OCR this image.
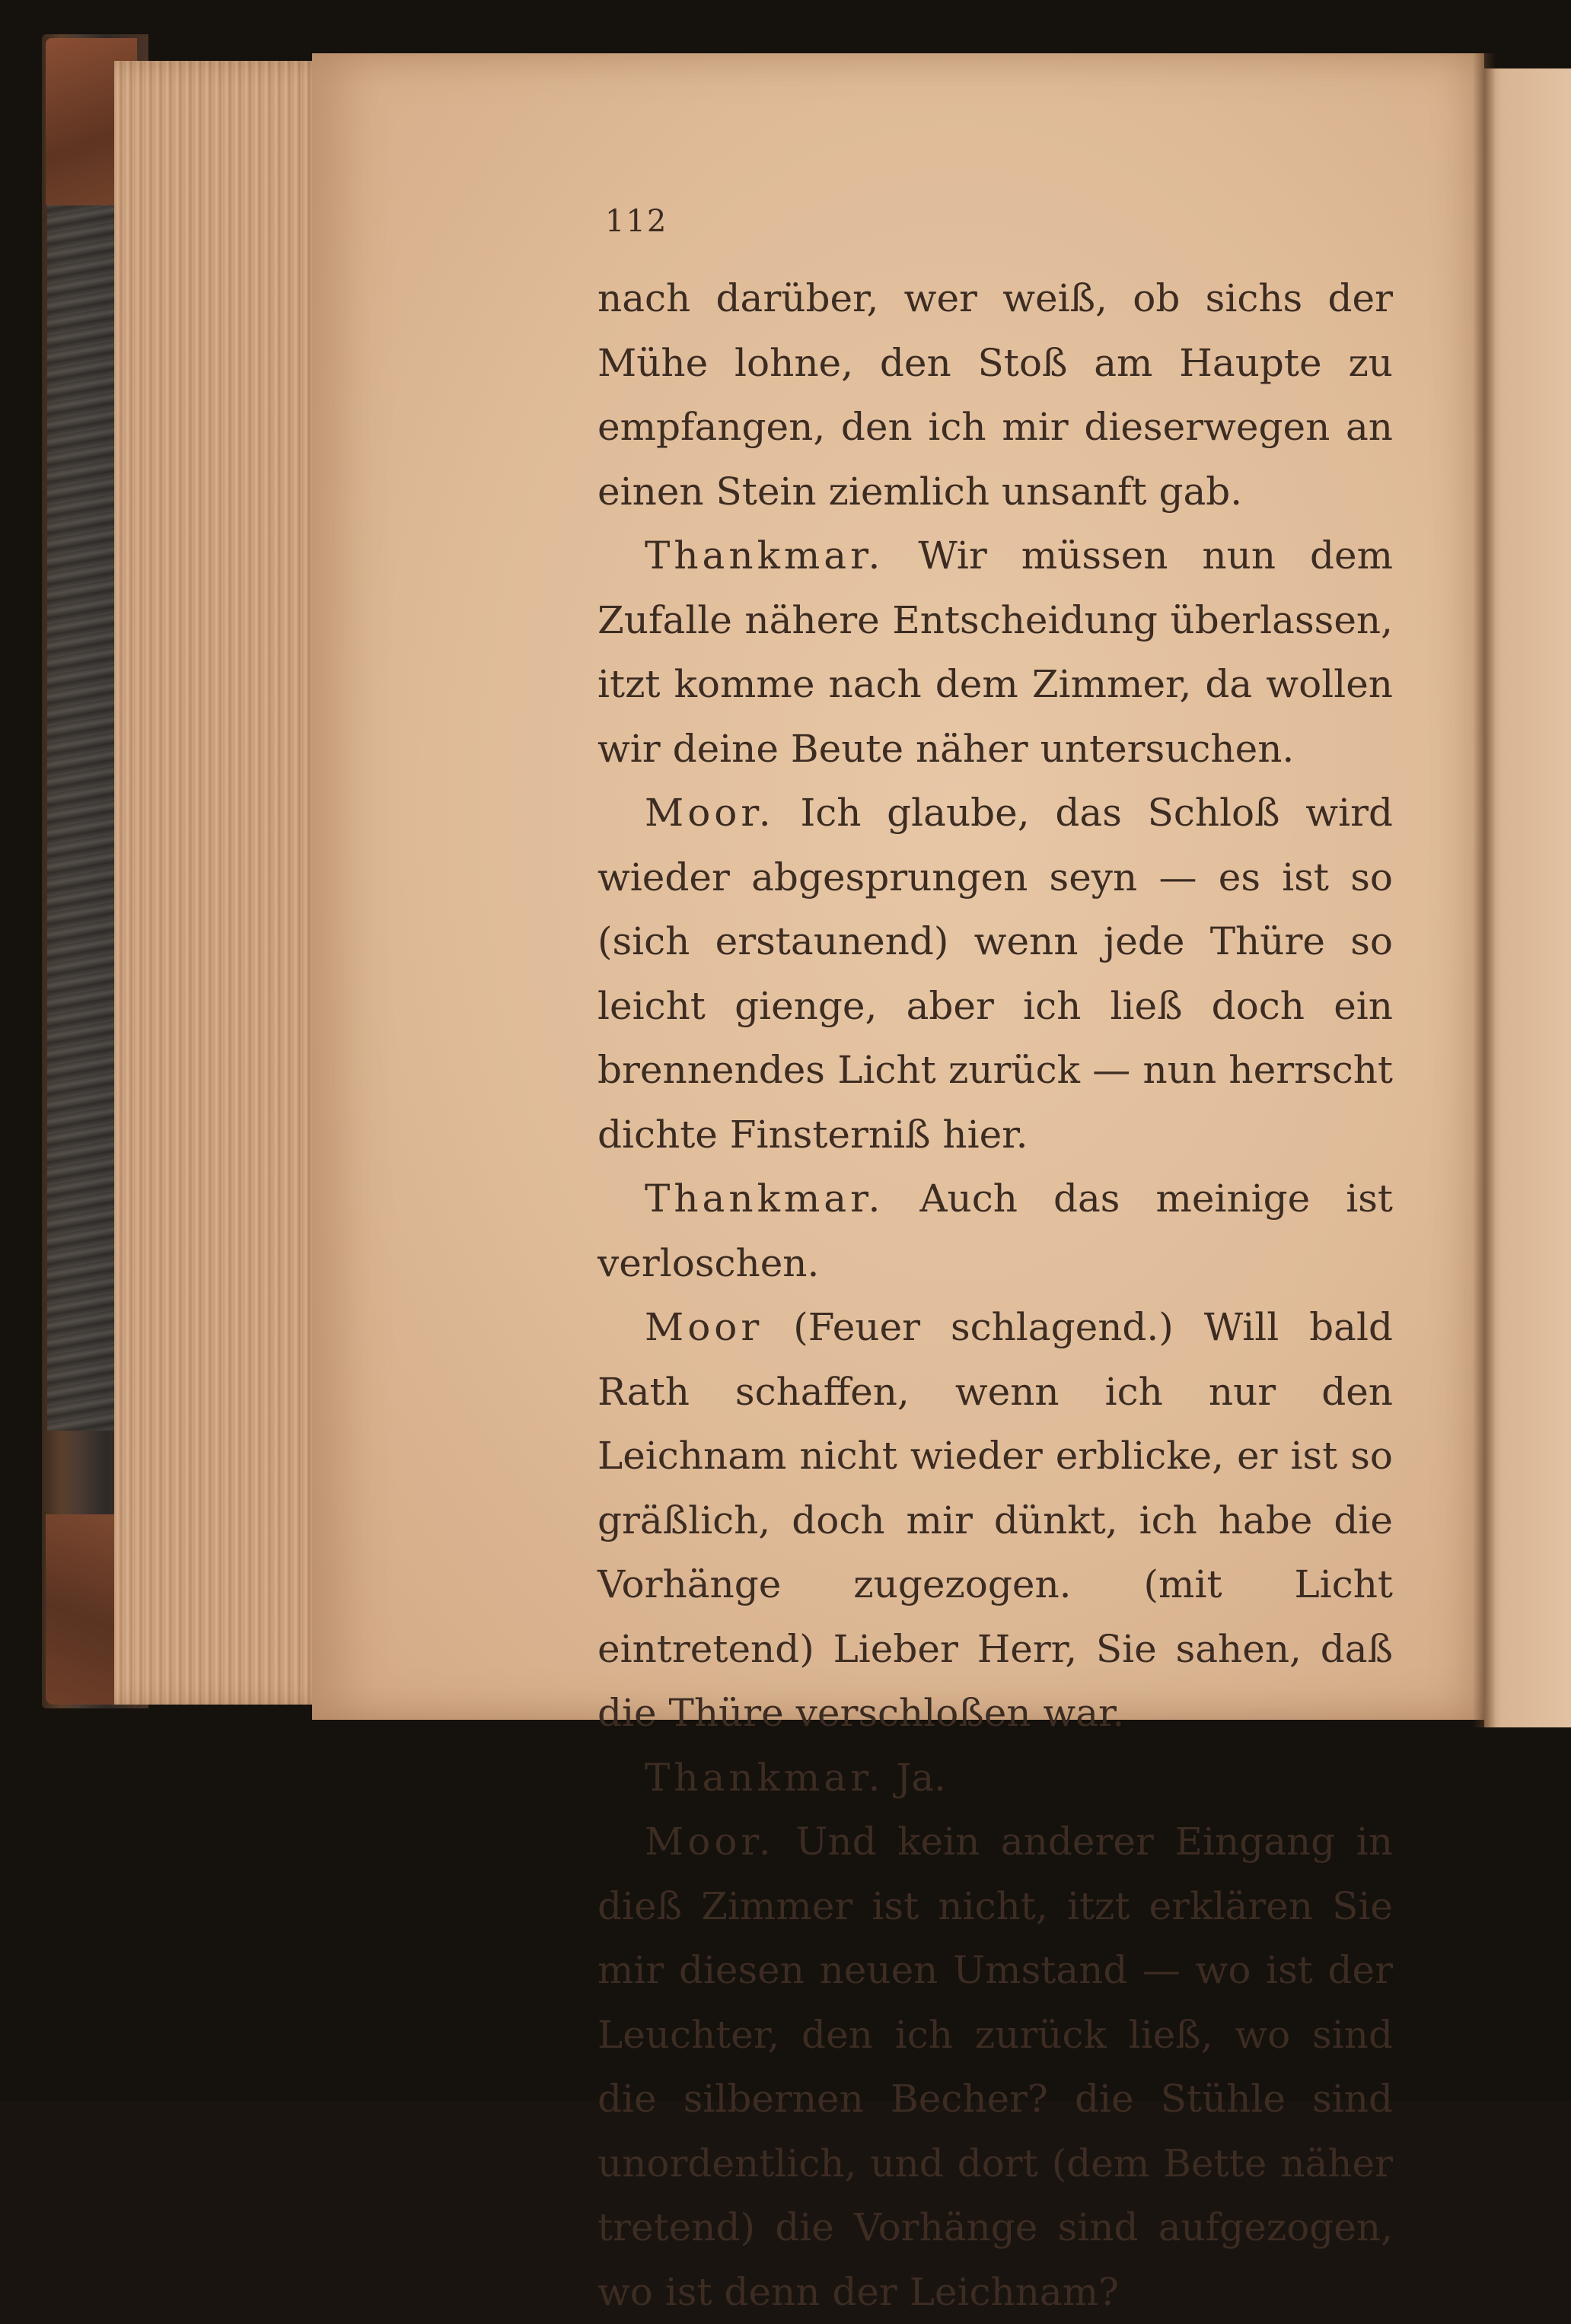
112

nach darüber, wer weiß, ob sichs der Mühe lohne, den Stoß am Haupte zu empfangen, den ich mir dieserwegen an einen Stein ziemlich unsanft gab.

Thankmar. Wir müssen nun dem Zufalle nähere Entscheidung überlassen, itzt komme nach dem Zimmer, da wollen wir deine Beute näher untersuchen.

Moor. Ich glaube, das Schloß wird wieder abgesprungen seyn — es ist so (sich erstaunend) wenn jede Thüre so leicht gienge, aber ich ließ doch ein brennendes Licht zurück — nun herrscht dichte Finsterniß hier.

Thankmar. Auch das meinige ist verloschen.

Moor (Feuer schlagend.) Will bald Rath schaffen, wenn ich nur den Leichnam nicht wieder erblicke, er ist so gräßlich, doch mir dünkt, ich habe die Vorhänge zugezogen. (mit Licht eintretend) Lieber Herr, Sie sahen, daß die Thüre verschloßen war.

Thankmar. Ja.

Moor. Und kein anderer Eingang in dieß Zimmer ist nicht, itzt erklären Sie mir diesen neuen Umstand — wo ist der Leuchter, den ich zurück ließ, wo sind die silbernen Becher? die Stühle sind unordentlich, und dort (dem Bette näher tretend) die Vorhänge sind aufgezogen, wo ist denn der Leichnam?
